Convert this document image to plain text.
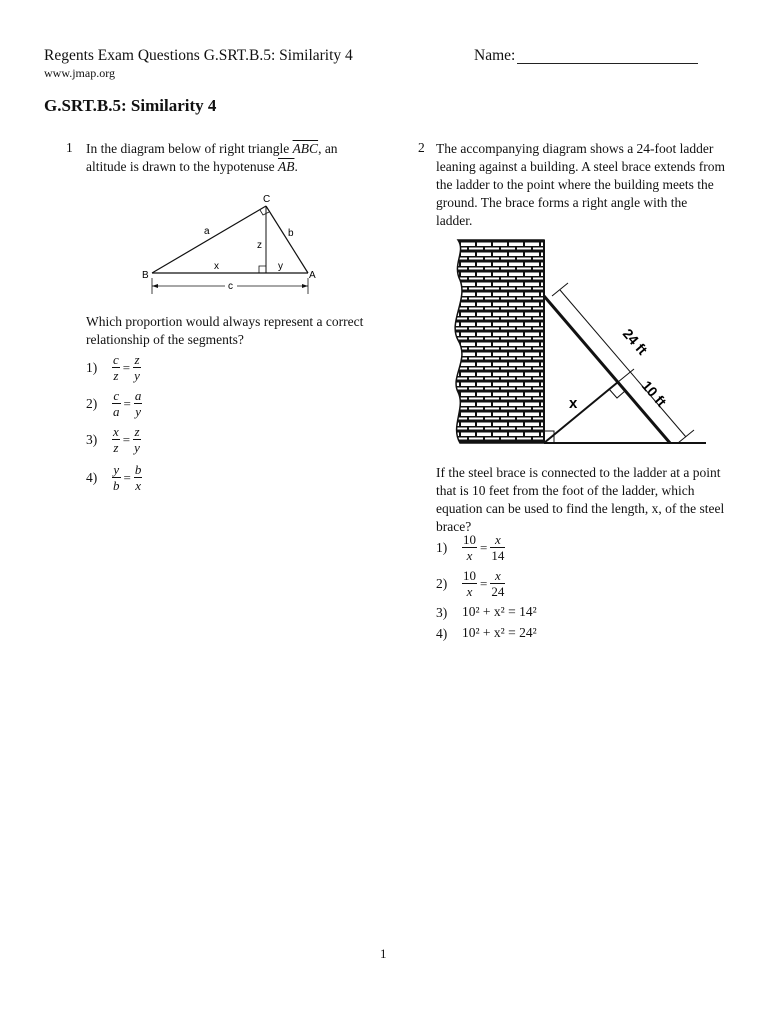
Regents Exam Questions G.SRT.B.5: Similarity 4
www.jmap.org
Name:
G.SRT.B.5: Similarity 4
1 In the diagram below of right triangle $\overline{ABC}$, an altitude is drawn to the hypotenuse $\overline{AB}$.
C
B	A
a	b
z
x	y
c
Which proportion would always represent a correct relationship of the segments?
$1) \frac{c}{z} = \frac{z}{y}$
$2) \frac{c}{a} = \frac{a}{y}$
$3) \frac{x}{z} = \frac{z}{y}$
$4) \frac{y}{b} = \frac{b}{x}$
2 The accompanying diagram shows a 24-foot ladder leaning against a building. A steel brace extends from the ladder to the point where the building meets the ground. The brace forms a right angle with the ladder.
24 ft
10 ft
x
If the steel brace is connected to the ladder at a point that is 10 feet from the foot of the ladder, which equation can be used to find the length, x, of the steel brace?
$1) \frac{10}{x} = \frac{x}{14}$
$2) \frac{10}{x} = \frac{x}{24}$
3) 10² + x² = 14²
4) 10² + x² = 24²
1
